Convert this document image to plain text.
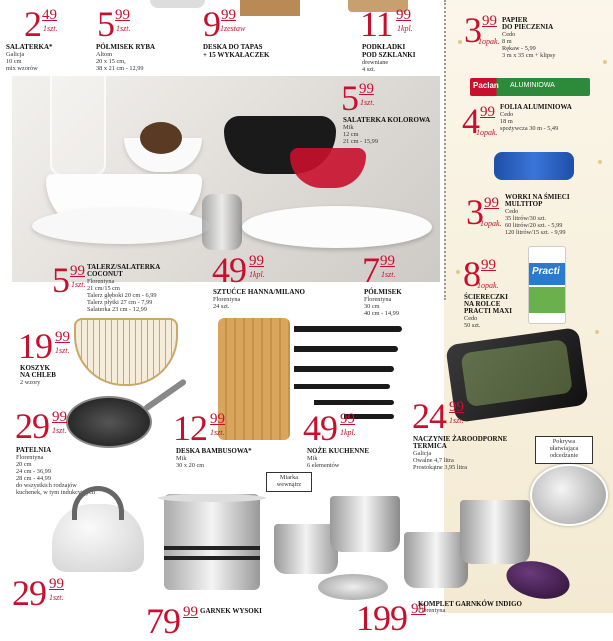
2 49
1szt.
SALATERKA*
Galicja
10 cm
mix wzorów
5 99
1szt.
PÓŁMISEK RYBA
Altom
20 x 15 cm,
38 x 21 cm - 12,99
9 99
1zestaw
DESKA DO TAPAS
+ 15 WYKAŁACZEK
11 99
1kpl.
PODKŁADKI
POD SZKLANKI
drewniane
4 szt.
5 99
1szt.
SALATERKA KOLOROWA
Mik
12 cm
21 cm - 15,99
5 99
1szt.
TALERZ/SALATERKA
COCONUT
Florentyna
21 cm/15 cm
Talerz głęboki 20 cm - 6,99
Talerz płytki 27 cm - 7,99
Salaterka 23 cm - 12,99
49 99
1kpl.
SZTUĆCE HANNA/MILANO
Florentyna
24 szt.
7 99
1szt.
PÓŁMISEK
Florentyna
30 cm
40 cm - 14,99
3 99
1opak.
PAPIER
DO PIECZENIA
Cedo
8 m
Rękaw - 5,99
3 m x 35 cm + klipsy
Paclan ALUMINIOWA
4 99
1opak.
FOLIA ALUMINIOWA
Cedo
18 m
spożywcza 30 m - 5,49
3 99
1opak.
WORKI NA ŚMIECI
MULTITOP
Cedo
35 litrów/30 szt.
60 litrów/20 szt. - 5,99
120 litrów/15 szt. - 9,99
8 99
1opak.
ŚCIERECZKI
NA ROLCE
PRACTI MAXI
Cedo
50 szt.
Practi
19 99
1szt.
KOSZYK
NA CHLEB
2 wzory
29 99
1szt.
PATELNIA
Florentyna
20 cm
24 cm - 36,99
28 cm - 44,99
do wszystkich rodzajów
kuchenek, w tym indukcyjnych
12 99
1szt.
DESKA BAMBUSOWA*
Mik
30 x 20 cm
49 99
1kpl.
NOŻE KUCHENNE
Mik
6 elementów
24 99
1szt.
NACZYNIE ŻAROODPORNE
TERMICA
Galicja
Owalne 4,7 litra
Prostokątne 3,95 litra
Pokrywa
ułatwiająca
odcedzanie
Miarka
wewnątrz
29 99
1szt.
79 99 GARNEK WYSOKI	199 99
KOMPLET GARNKÓW INDIGO
Florentyna
